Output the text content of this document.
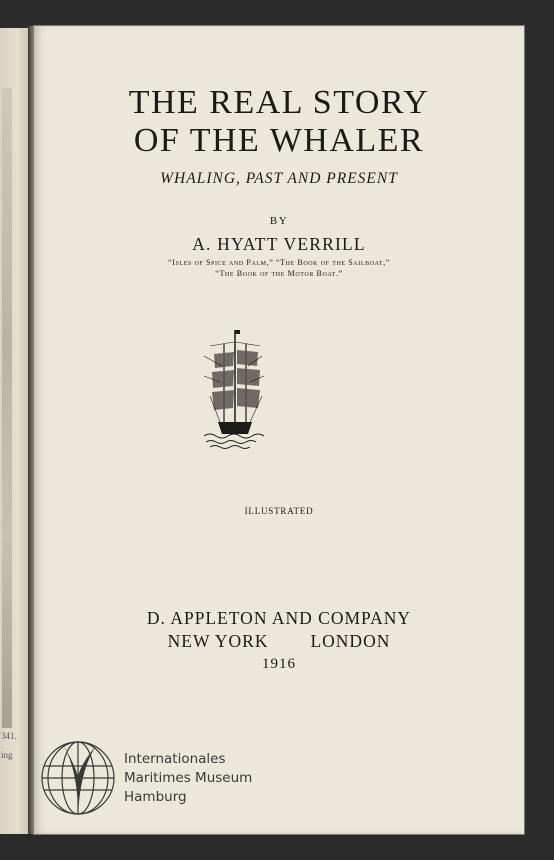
341.
ing
THE REAL STORY
OF THE WHALER
WHALING, PAST AND PRESENT
BY
A. HYATT VERRILL
“Isles of Spice and Palm,” “The Book of the Sailboat,”
“The Book of the Motor Boat.”
ILLUSTRATED
D. APPLETON AND COMPANY
NEW YORK LONDON
1916
Internationales
Maritimes Museum
Hamburg
